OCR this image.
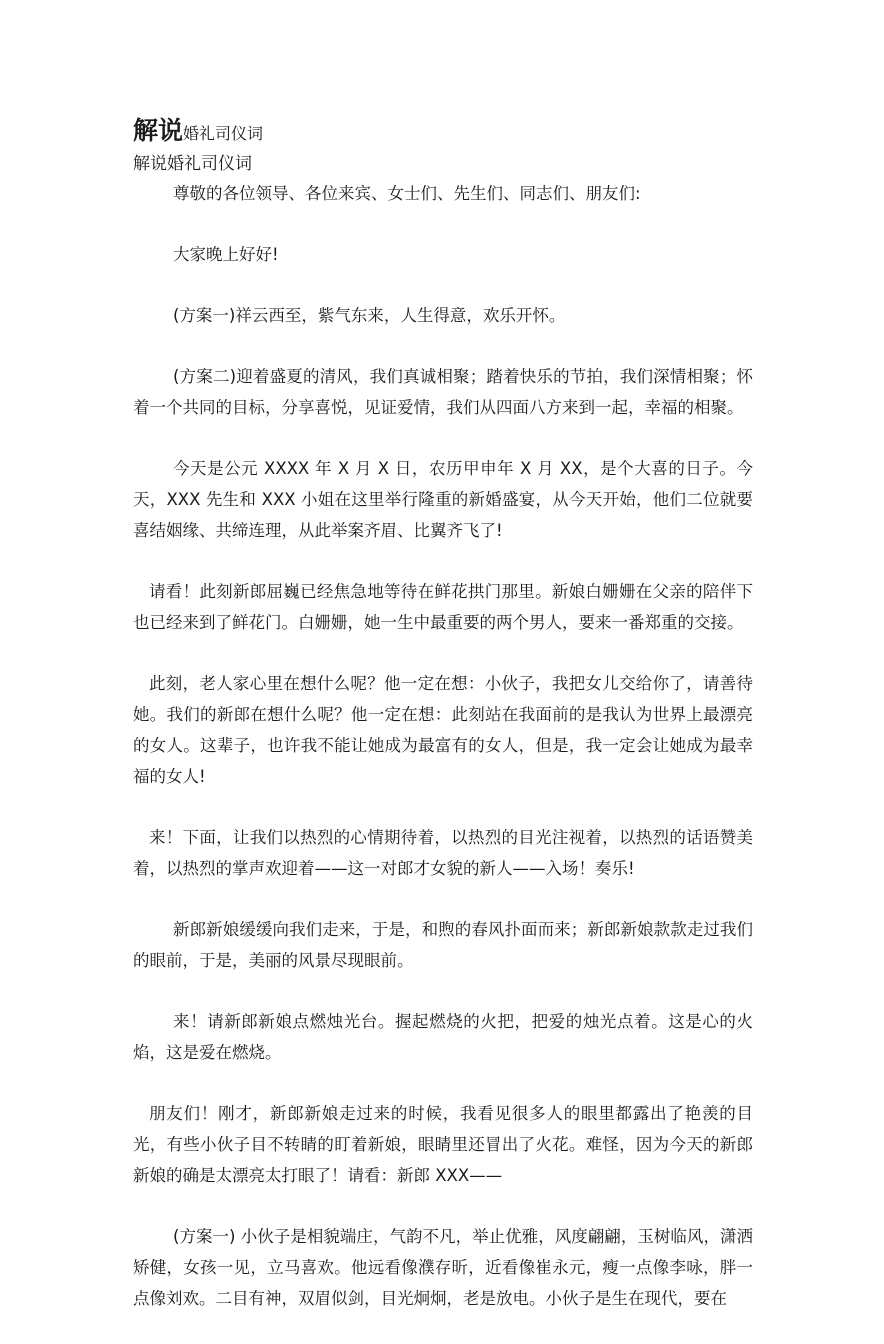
解说婚礼司仪词
解说婚礼司仪词

尊敬的各位领导、各位来宾、女士们、先生们、同志们、朋友们:

大家晚上好好!

(方案一)祥云西至，紫气东来，人生得意，欢乐开怀。

(方案二)迎着盛夏的清风，我们真诚相聚；踏着快乐的节拍，我们深情相聚；怀着一个共同的目标，分享喜悦，见证爱情，我们从四面八方来到一起，幸福的相聚。

今天是公元 XXXX 年 X 月 X 日，农历甲申年 X 月 XX，是个大喜的日子。今天，XXX 先生和 XXX 小姐在这里举行隆重的新婚盛宴，从今天开始，他们二位就要喜结姻缘、共缔连理，从此举案齐眉、比翼齐飞了!

请看！此刻新郎屈巍已经焦急地等待在鲜花拱门那里。新娘白姗姗在父亲的陪伴下也已经来到了鲜花门。白姗姗，她一生中最重要的两个男人，要来一番郑重的交接。

此刻，老人家心里在想什么呢？他一定在想：小伙子，我把女儿交给你了，请善待她。我们的新郎在想什么呢？他一定在想：此刻站在我面前的是我认为世界上最漂亮的女人。这辈子，也许我不能让她成为最富有的女人，但是，我一定会让她成为最幸福的女人!

来！下面，让我们以热烈的心情期待着，以热烈的目光注视着，以热烈的话语赞美着，以热烈的掌声欢迎着——这一对郎才女貌的新人——入场！奏乐!

新郎新娘缓缓向我们走来，于是，和煦的春风扑面而来；新郎新娘款款走过我们的眼前，于是，美丽的风景尽现眼前。

来！请新郎新娘点燃烛光台。握起燃烧的火把，把爱的烛光点着。这是心的火焰，这是爱在燃烧。

朋友们！刚才，新郎新娘走过来的时候，我看见很多人的眼里都露出了艳羡的目光，有些小伙子目不转睛的盯着新娘，眼睛里还冒出了火花。难怪，因为今天的新郎新娘的确是太漂亮太打眼了！请看：新郎 XXX——

(方案一) 小伙子是相貌端庄，气韵不凡，举止优雅，风度翩翩，玉树临风，潇洒矫健，女孩一见，立马喜欢。他远看像濮存昕，近看像崔永元，瘦一点像李咏，胖一点像刘欢。二目有神，双眉似剑，目光炯炯，老是放电。小伙子是生在现代，要在
